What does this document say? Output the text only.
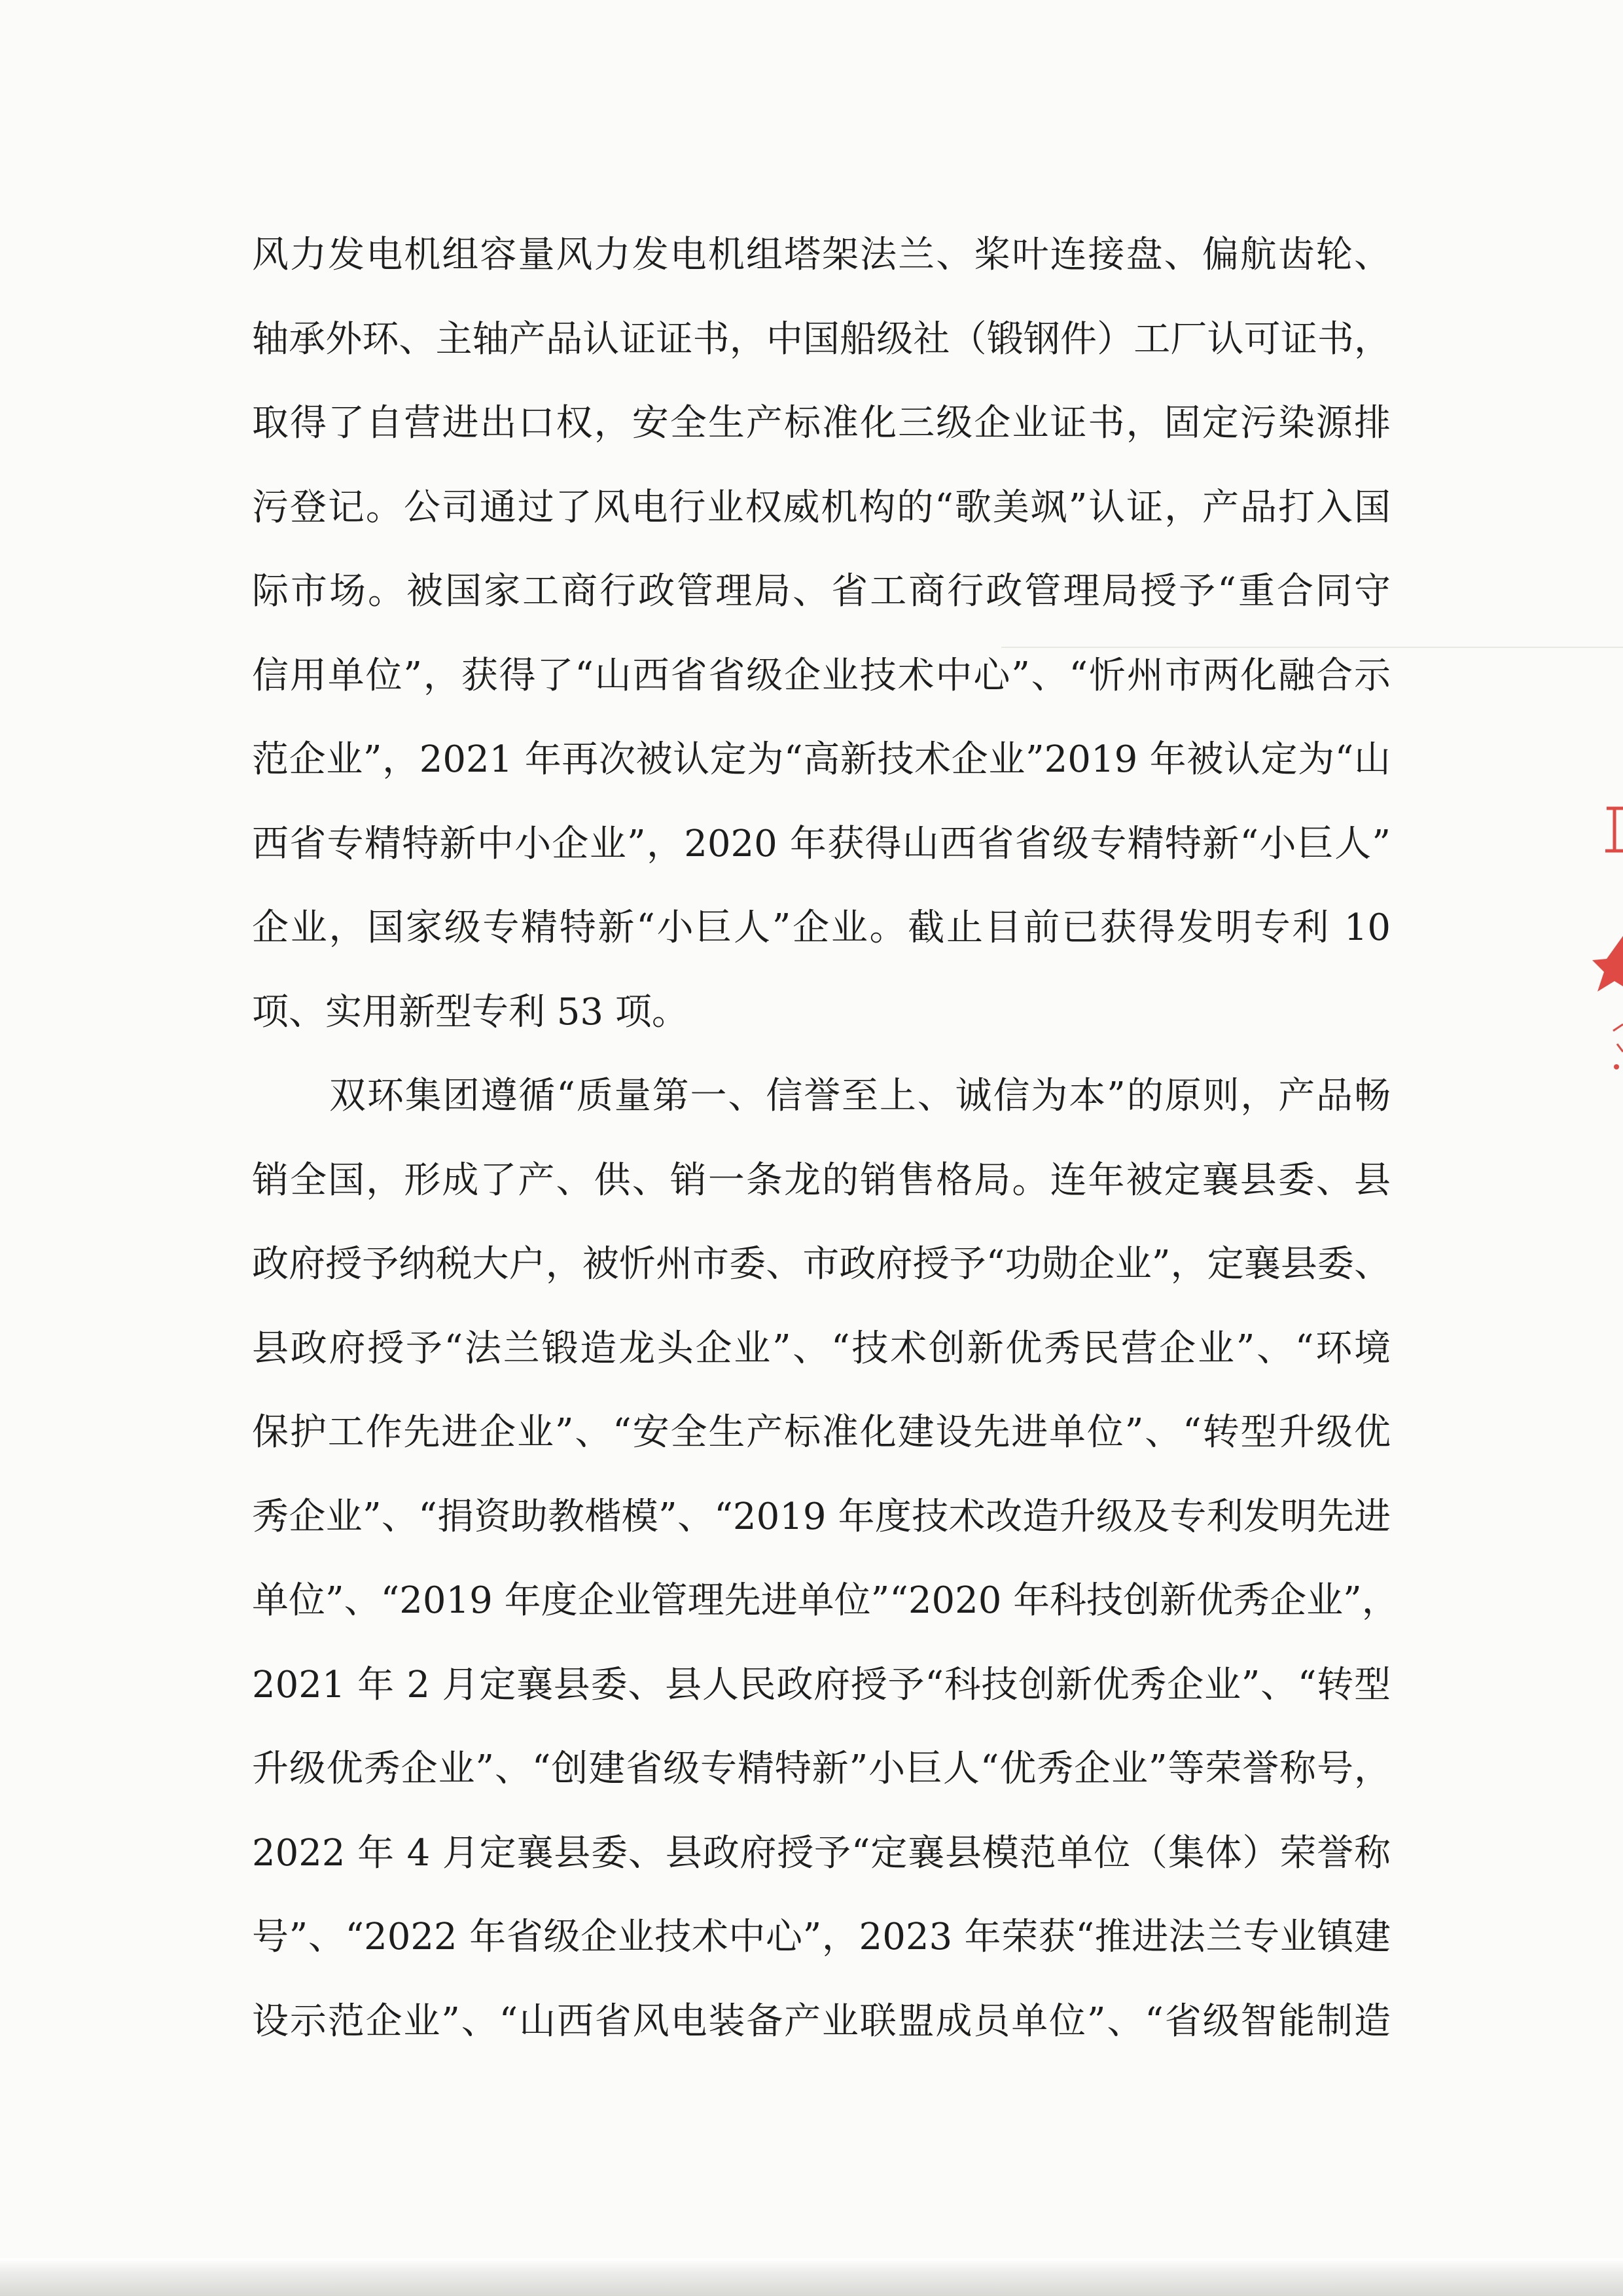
风力发电机组容量风力发电机组塔架法兰、桨叶连接盘、偏航齿轮、
轴承外环、主轴产品认证证书，中国船级社（锻钢件）工厂认可证书，
取得了自营进出口权，安全生产标准化三级企业证书，固定污染源排
污登记。公司通过了风电行业权威机构的“歌美飒”认证，产品打入国
际市场。被国家工商行政管理局、省工商行政管理局授予“重合同守
信用单位”，获得了“山西省省级企业技术中心”、“忻州市两化融合示
范企业”，2021 年再次被认定为“高新技术企业”2019 年被认定为“山
西省专精特新中小企业”，2020 年获得山西省省级专精特新“小巨人”
企业，国家级专精特新“小巨人”企业。截止目前已获得发明专利 10
项、实用新型专利 53 项。
双环集团遵循“质量第一、信誉至上、诚信为本”的原则，产品畅
销全国，形成了产、供、销一条龙的销售格局。连年被定襄县委、县
政府授予纳税大户，被忻州市委、市政府授予“功勋企业”，定襄县委、
县政府授予“法兰锻造龙头企业”、“技术创新优秀民营企业”、“环境
保护工作先进企业”、“安全生产标准化建设先进单位”、“转型升级优
秀企业”、“捐资助教楷模”、“2019 年度技术改造升级及专利发明先进
单位”、“2019 年度企业管理先进单位”“2020 年科技创新优秀企业”，
2021 年 2 月定襄县委、县人民政府授予“科技创新优秀企业”、“转型
升级优秀企业”、“创建省级专精特新”小巨人“优秀企业”等荣誉称号，
2022 年 4 月定襄县委、县政府授予“定襄县模范单位（集体）荣誉称
号”、“2022 年省级企业技术中心”，2023 年荣获“推进法兰专业镇建
设示范企业”、“山西省风电装备产业联盟成员单位”、“省级智能制造
